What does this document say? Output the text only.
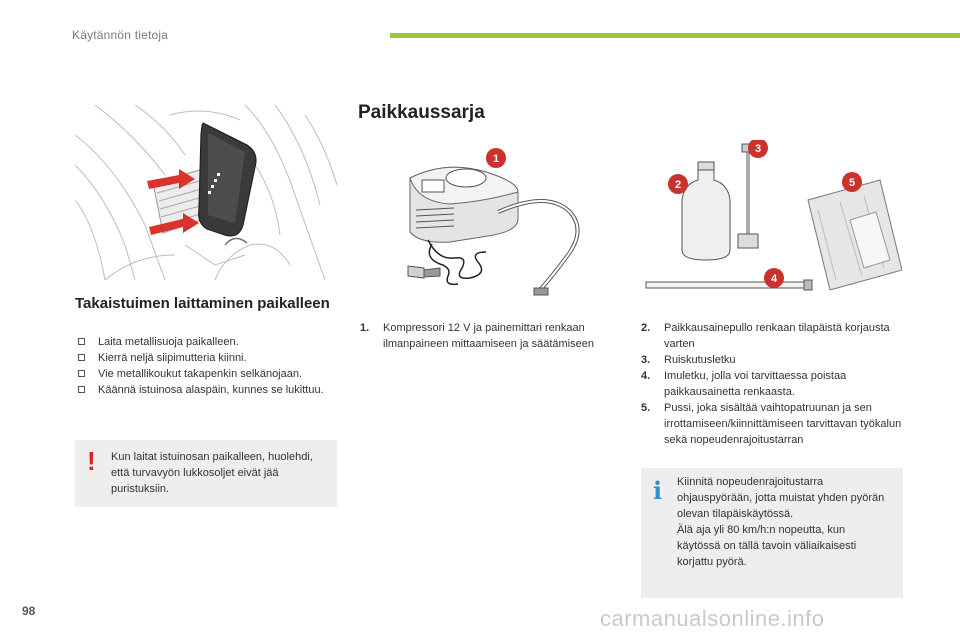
Käytännön tietoja
Takaistuimen laittaminen paikalleen
Laita metallisuoja paikalleen.
Kierrä neljä siipimutteria kiinni.
Vie metallikoukut takapenkin selkänojaan.
Käännä istuinosa alaspäin, kunnes se lukittuu.
! Kun laitat istuinosan paikalleen, huolehdi, että turvavyön lukkosoljet eivät jää puristuksiin.
Paikkaussarja
1
2
3
4
5
1. Kompressori 12 V ja painemittari renkaan ilmanpaineen mittaamiseen ja säätämiseen
2. Paikkausainepullo renkaan tilapäistä korjausta varten
3. Ruiskutusletku
4. Imuletku, jolla voi tarvittaessa poistaa paikkausainetta renkaasta.
5. Pussi, joka sisältää vaihtopatruunan ja sen irrottamiseen/kiinnittämiseen tarvittavan työkalun sekä nopeudenrajoitustarran
i Kiinnitä nopeudenrajoitustarra ohjauspyörään, jotta muistat yhden pyörän olevan tilapäiskäytössä.
Älä aja yli 80 km/h:n nopeutta, kun käytössä on tällä tavoin väliaikaisesti korjattu pyörä.
98	carmanualsonline.info
